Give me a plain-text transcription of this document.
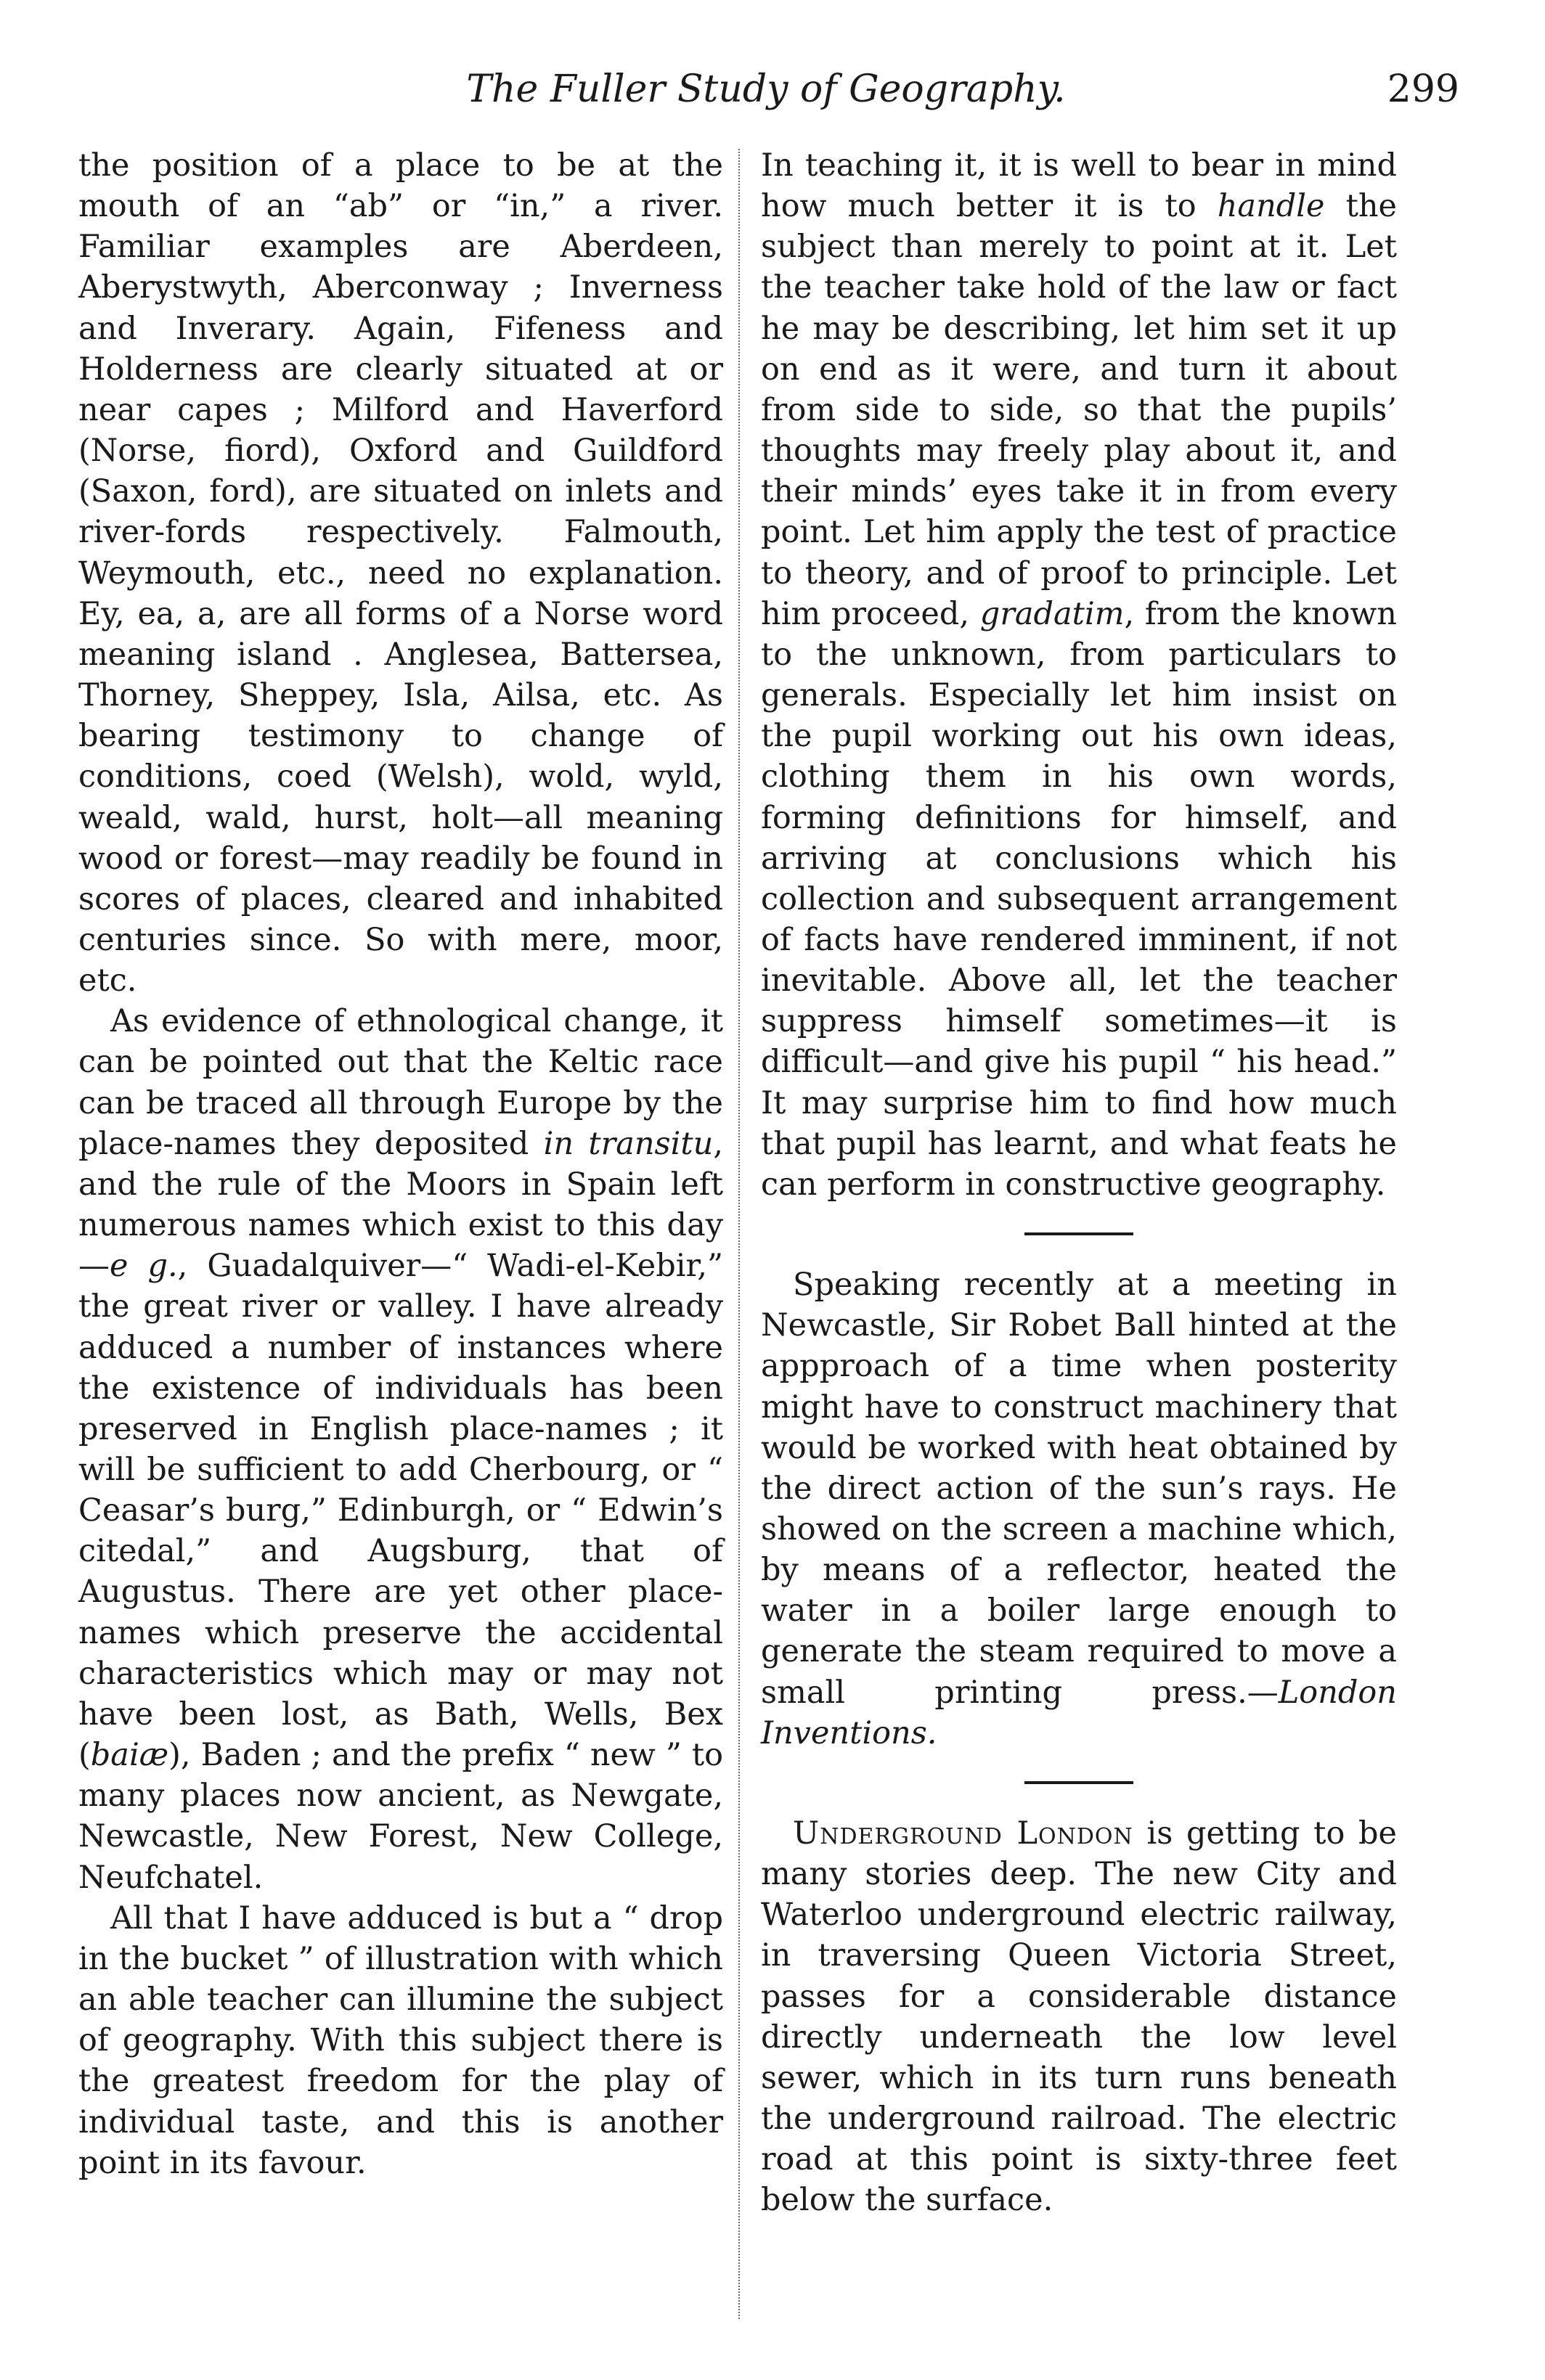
The Fuller Study of Geography.	299

the position of a place to be at the mouth of an “ab” or “in,” a river. Familiar examples are Aberdeen, Aberystwyth, Aberconway ; Inverness and Inverary. Again, Fifeness and Holderness are clearly situated at or near capes ; Milford and Haverford (Norse, fiord), Oxford and Guildford (Saxon, ford), are situated on inlets and river-fords respectively. Falmouth, Weymouth, etc., need no explanation. Ey, ea, a, are all forms of a Norse word meaning island . Anglesea, Battersea, Thorney, Sheppey, Isla, Ailsa, etc. As bearing testimony to change of conditions, coed (Welsh), wold, wyld, weald, wald, hurst, holt—all meaning wood or forest—may readily be found in scores of places, cleared and inhabited centuries since. So with mere, moor, etc.

As evidence of ethnological change, it can be pointed out that the Keltic race can be traced all through Europe by the place-names they deposited in transitu, and the rule of the Moors in Spain left numerous names which exist to this day—e g., Guadalquiver—“ Wadi-el-Kebir,” the great river or valley. I have already adduced a number of instances where the existence of individuals has been preserved in English place-names ; it will be sufficient to add Cherbourg, or “ Ceasar’s burg,” Edinburgh, or “ Edwin’s citedal,” and Augsburg, that of Augustus. There are yet other place-names which preserve the accidental characteristics which may or may not have been lost, as Bath, Wells, Bex (baiæ), Baden ; and the prefix “ new ” to many places now ancient, as Newgate, Newcastle, New Forest, New College, Neufchatel.

All that I have adduced is but a “ drop in the bucket ” of illustration with which an able teacher can illumine the subject of geography. With this subject there is the greatest freedom for the play of individual taste, and this is another point in its favour.

In teaching it, it is well to bear in mind how much better it is to handle the subject than merely to point at it. Let the teacher take hold of the law or fact he may be describing, let him set it up on end as it were, and turn it about from side to side, so that the pupils’ thoughts may freely play about it, and their minds’ eyes take it in from every point. Let him apply the test of practice to theory, and of proof to principle. Let him proceed, gradatim, from the known to the unknown, from particulars to generals. Especially let him insist on the pupil working out his own ideas, clothing them in his own words, forming definitions for himself, and arriving at conclusions which his collection and subsequent arrangement of facts have rendered imminent, if not inevitable. Above all, let the teacher suppress himself sometimes—it is difficult—and give his pupil “ his head.” It may surprise him to find how much that pupil has learnt, and what feats he can perform in constructive geography.

Speaking recently at a meeting in Newcastle, Sir Robet Ball hinted at the appproach of a time when posterity might have to construct machinery that would be worked with heat obtained by the direct action of the sun’s rays. He showed on the screen a machine which, by means of a reflector, heated the water in a boiler large enough to generate the steam required to move a small printing press.—London Inventions.

Underground London is getting to be many stories deep. The new City and Waterloo underground electric railway, in traversing Queen Victoria Street, passes for a considerable distance directly underneath the low level sewer, which in its turn runs beneath the underground railroad. The electric road at this point is sixty-three feet below the surface.
